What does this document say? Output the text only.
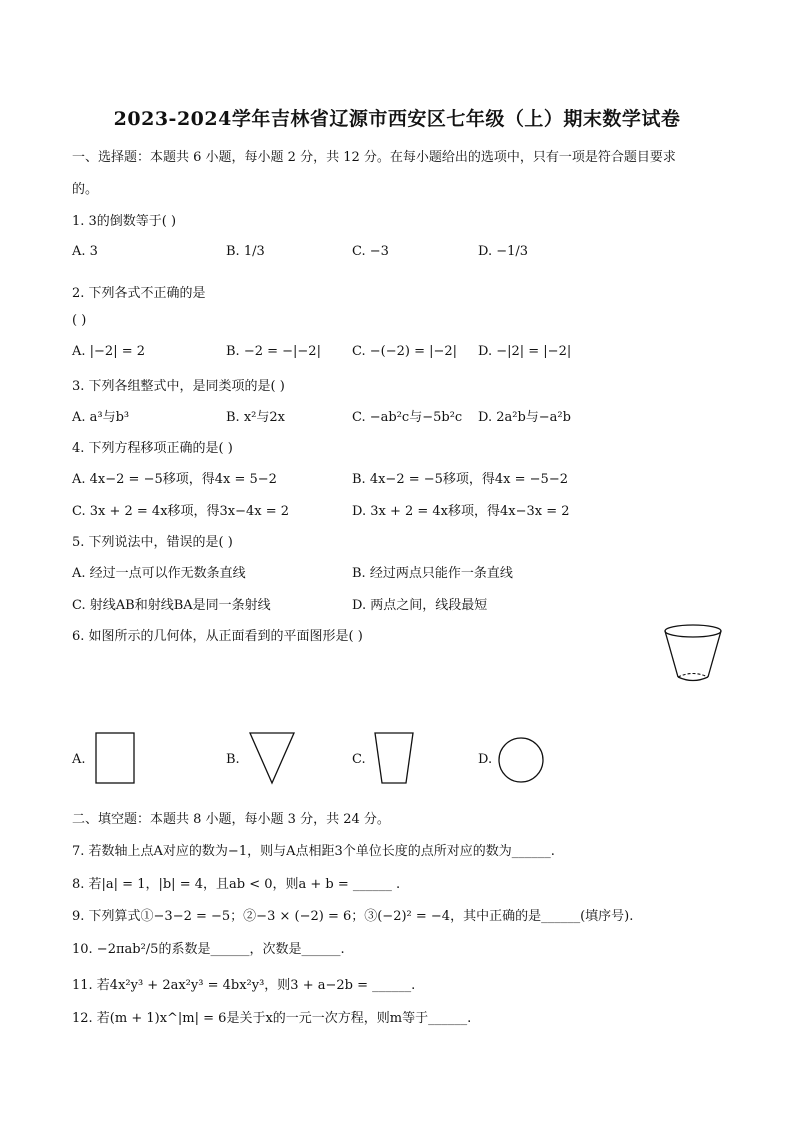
2023-2024学年吉林省辽源市西安区七年级（上）期末数学试卷
一、选择题：本题共 6 小题，每小题 2 分，共 12 分。在每小题给出的选项中，只有一项是符合题目要求
的。
1. 3的倒数等于( )
A. 3	B. 1/3	C. −3	D. −1/3
2. 下列各式不正确的是
( )
A. |−2| = 2	B. −2 = −|−2| C. −(−2) = |−2| D. −|2| = |−2|
3. 下列各组整式中，是同类项的是( )
A. a³与b³	B. x²与2x	C. −ab²c与−5b²c D. 2a²b与−a²b
4. 下列方程移项正确的是( )
A. 4x−2 = −5移项，得4x = 5−2	B. 4x−2 = −5移项，得4x = −5−2
C. 3x + 2 = 4x移项，得3x−4x = 2	D. 3x + 2 = 4x移项，得4x−3x = 2
5. 下列说法中，错误的是( )
A. 经过一点可以作无数条直线	B. 经过两点只能作一条直线
C. 射线AB和射线BA是同一条射线	D. 两点之间，线段最短
6. 如图所示的几何体，从正面看到的平面图形是( )
A.	B.	C.	D.
二、填空题：本题共 8 小题，每小题 3 分，共 24 分。
7. 若数轴上点A对应的数为−1，则与A点相距3个单位长度的点所对应的数为______.
8. 若|a| = 1，|b| = 4，且ab < 0，则a + b = ______ .
9. 下列算式①−3−2 = −5；②−3 × (−2) = 6；③(−2)² = −4，其中正确的是______(填序号).
10. −2πab²/5的系数是______，次数是______.
11. 若4x²y³ + 2ax²y³ = 4bx²y³，则3 + a−2b = ______.
12. 若(m + 1)x^|m| = 6是关于x的一元一次方程，则m等于______.
